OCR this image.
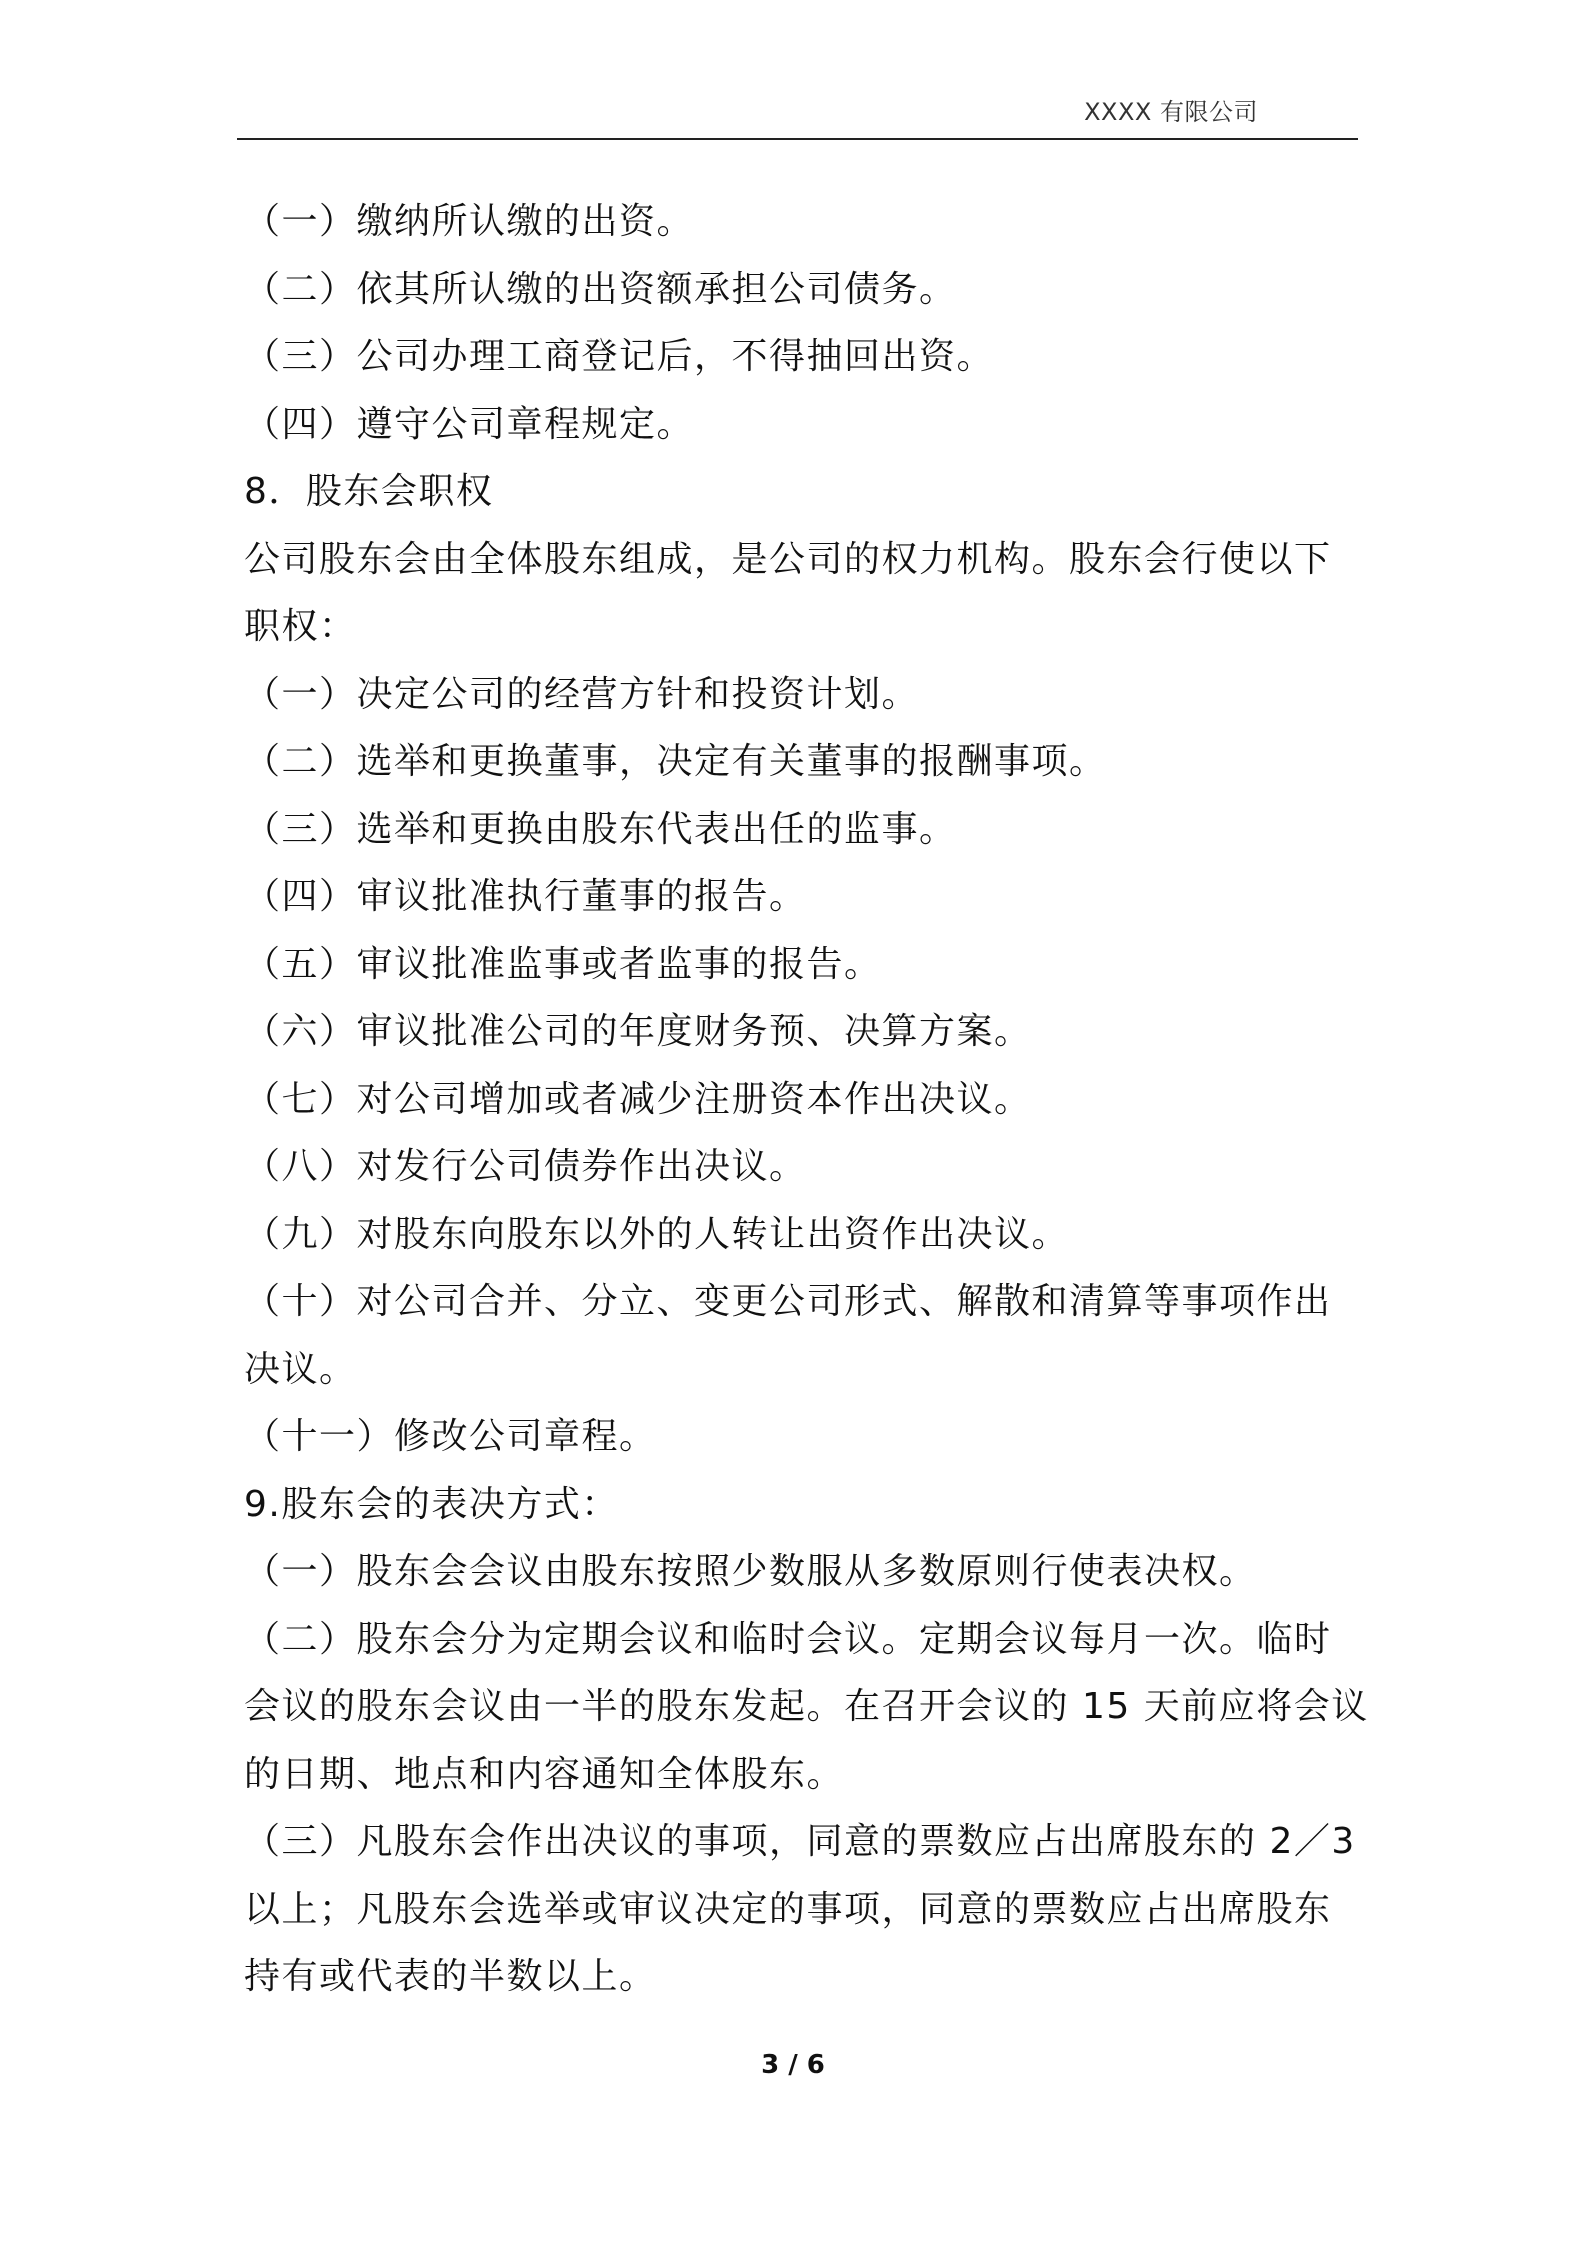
XXXX 有限公司
（一）缴纳所认缴的出资。
（二）依其所认缴的出资额承担公司债务。
（三）公司办理工商登记后，不得抽回出资。
（四）遵守公司章程规定。
8．股东会职权
公司股东会由全体股东组成，是公司的权力机构。股东会行使以下
职权：
（一）决定公司的经营方针和投资计划。
（二）选举和更换董事，决定有关董事的报酬事项。
（三）选举和更换由股东代表出任的监事。
（四）审议批准执行董事的报告。
（五）审议批准监事或者监事的报告。
（六）审议批准公司的年度财务预、决算方案。
（七）对公司增加或者减少注册资本作出决议。
（八）对发行公司债券作出决议。
（九）对股东向股东以外的人转让出资作出决议。
（十）对公司合并、分立、变更公司形式、解散和清算等事项作出
决议。
（十一）修改公司章程。
9.股东会的表决方式：
（一）股东会会议由股东按照少数服从多数原则行使表决权。
（二）股东会分为定期会议和临时会议。定期会议每月一次。临时
会议的股东会议由一半的股东发起。在召开会议的 15 天前应将会议
的日期、地点和内容通知全体股东。
（三）凡股东会作出决议的事项，同意的票数应占出席股东的 2／3
以上；凡股东会选举或审议决定的事项，同意的票数应占出席股东
持有或代表的半数以上。
3 / 6
